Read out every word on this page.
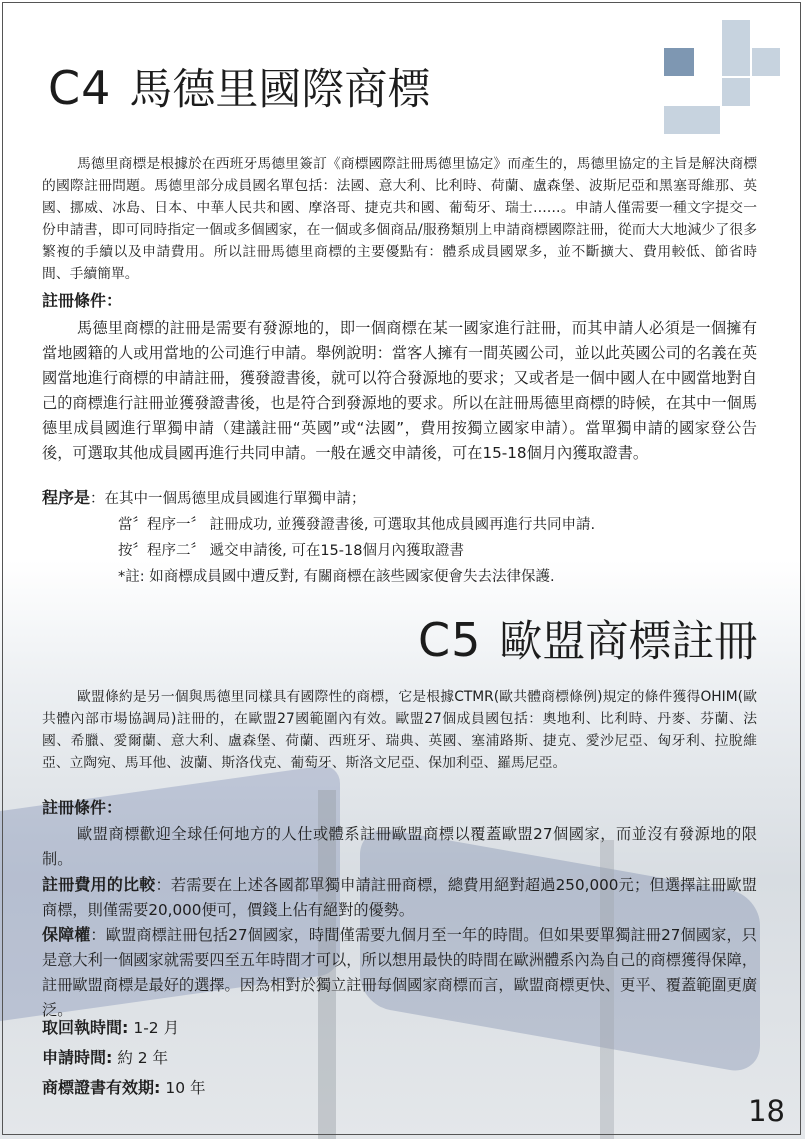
C4 馬德里國際商標
馬德里商標是根據於在西班牙馬德里簽訂《商標國際註冊馬德里協定》而產生的，馬德里協定的主旨是解決商標的國際註冊問題。馬德里部分成員國名單包括：法國、意大利、比利時、荷蘭、盧森堡、波斯尼亞和黑塞哥維那、英國、挪威、冰島、日本、中華人民共和國、摩洛哥、捷克共和國、葡萄牙、瑞士……。申請人僅需要一種文字提交一份申請書，即可同時指定一個或多個國家，在一個或多個商品/服務類別上申請商標國際註冊，從而大大地減少了很多繁複的手續以及申請費用。所以註冊馬德里商標的主要優點有：體系成員國眾多，並不斷擴大、費用較低、節省時間、手續簡單。
註冊條件：
馬德里商標的註冊是需要有發源地的，即一個商標在某一國家進行註冊，而其申請人必須是一個擁有當地國籍的人或用當地的公司進行申請。舉例說明：當客人擁有一間英國公司，並以此英國公司的名義在英國當地進行商標的申請註冊，獲發證書後，就可以符合發源地的要求；又或者是一個中國人在中國當地對自己的商標進行註冊並獲發證書後，也是符合到發源地的要求。所以在註冊馬德里商標的時候，在其中一個馬德里成員國進行單獨申請（建議註冊“英國”或“法國”，費用按獨立國家申請）。當單獨申請的國家登公告後，可選取其他成員國再進行共同申請。一般在遞交申請後，可在15-18個月內獲取證書。
程序是：在其中一個馬德里成員國進行單獨申請；
當〞程序一〞 註冊成功, 並獲發證書後, 可選取其他成員國再進行共同申請.
按〞程序二〞 遞交申請後, 可在15-18個月內獲取證書
*註: 如商標成員國中遭反對, 有關商標在該些國家便會失去法律保護.
C5 歐盟商標註冊
歐盟條約是另一個與馬德里同樣具有國際性的商標，它是根據CTMR(歐共體商標條例)規定的條件獲得OHIM(歐共體內部市場協調局)註冊的，在歐盟27國範圍內有效。歐盟27個成員國包括：奧地利、比利時、丹麥、芬蘭、法國、希臘、愛爾蘭、意大利、盧森堡、荷蘭、西班牙、瑞典、英國、塞浦路斯、捷克、愛沙尼亞、匈牙利、拉脫維亞、立陶宛、馬耳他、波蘭、斯洛伐克、葡萄牙、斯洛文尼亞、保加利亞、羅馬尼亞。
註冊條件：
歐盟商標歡迎全球任何地方的人仕或體系註冊歐盟商標以覆蓋歐盟27個國家，而並沒有發源地的限制。
註冊費用的比較：若需要在上述各國都單獨申請註冊商標，總費用絕對超過250,000元；但選擇註冊歐盟商標，則僅需要20,000便可，價錢上佔有絕對的優勢。
保障權：歐盟商標註冊包括27個國家，時間僅需要九個月至一年的時間。但如果要單獨註冊27個國家，只是意大利一個國家就需要四至五年時間才可以，所以想用最快的時間在歐洲體系內為自己的商標獲得保障，註冊歐盟商標是最好的選擇。因為相對於獨立註冊每個國家商標而言，歐盟商標更快、更平、覆蓋範圍更廣泛。
取回執時間: 1-2 月
申請時間: 約 2 年
商標證書有效期: 10 年
18
